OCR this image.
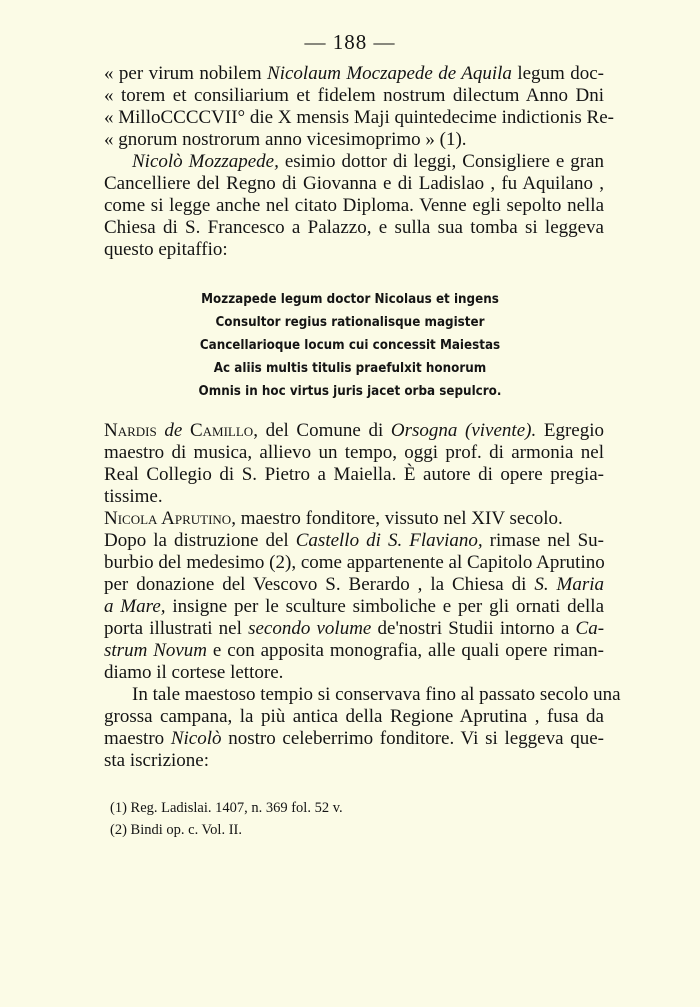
— 188 —
« per virum nobilem Nicolaum Moczapede de Aquila legum doc-
« torem et consiliarium et fidelem nostrum dilectum Anno Dni
« MilloCCCCVII° die X mensis Maji quintedecime indictionis Re-
« gnorum nostrorum anno vicesimoprimo » (1).
Nicolò Mozzapede, esimio dottor di leggi, Consigliere e gran
Cancelliere del Regno di Giovanna e di Ladislao , fu Aquilano ,
come si legge anche nel citato Diploma. Venne egli sepolto nella
Chiesa di S. Francesco a Palazzo, e sulla sua tomba si leggeva
questo epitaffio:
Mozzapede legum doctor Nicolaus et ingens
Consultor regius rationalisque magister
Cancellarioque locum cui concessit Maiestas
Ac aliis multis titulis praefulxit honorum
Omnis in hoc virtus juris jacet orba sepulcro.
Nardis de Camillo, del Comune di Orsogna (vivente). Egregio
maestro di musica, allievo un tempo, oggi prof. di armonia nel
Real Collegio di S. Pietro a Maiella. È autore di opere pregia-
tissime.
Nicola Aprutino, maestro fonditore, vissuto nel XIV secolo.
Dopo la distruzione del Castello di S. Flaviano, rimase nel Su-
burbio del medesimo (2), come appartenente al Capitolo Aprutino
per donazione del Vescovo S. Berardo , la Chiesa di S. Maria
a Mare, insigne per le sculture simboliche e per gli ornati della
porta illustrati nel secondo volume de'nostri Studii intorno a Ca-
strum Novum e con apposita monografia, alle quali opere riman-
diamo il cortese lettore.
In tale maestoso tempio si conservava fino al passato secolo una
grossa campana, la più antica della Regione Aprutina , fusa da
maestro Nicolò nostro celeberrimo fonditore. Vi si leggeva que-
sta iscrizione:
(1) Reg. Ladislai. 1407, n. 369 fol. 52 v.
(2) Bindi op. c. Vol. II.
